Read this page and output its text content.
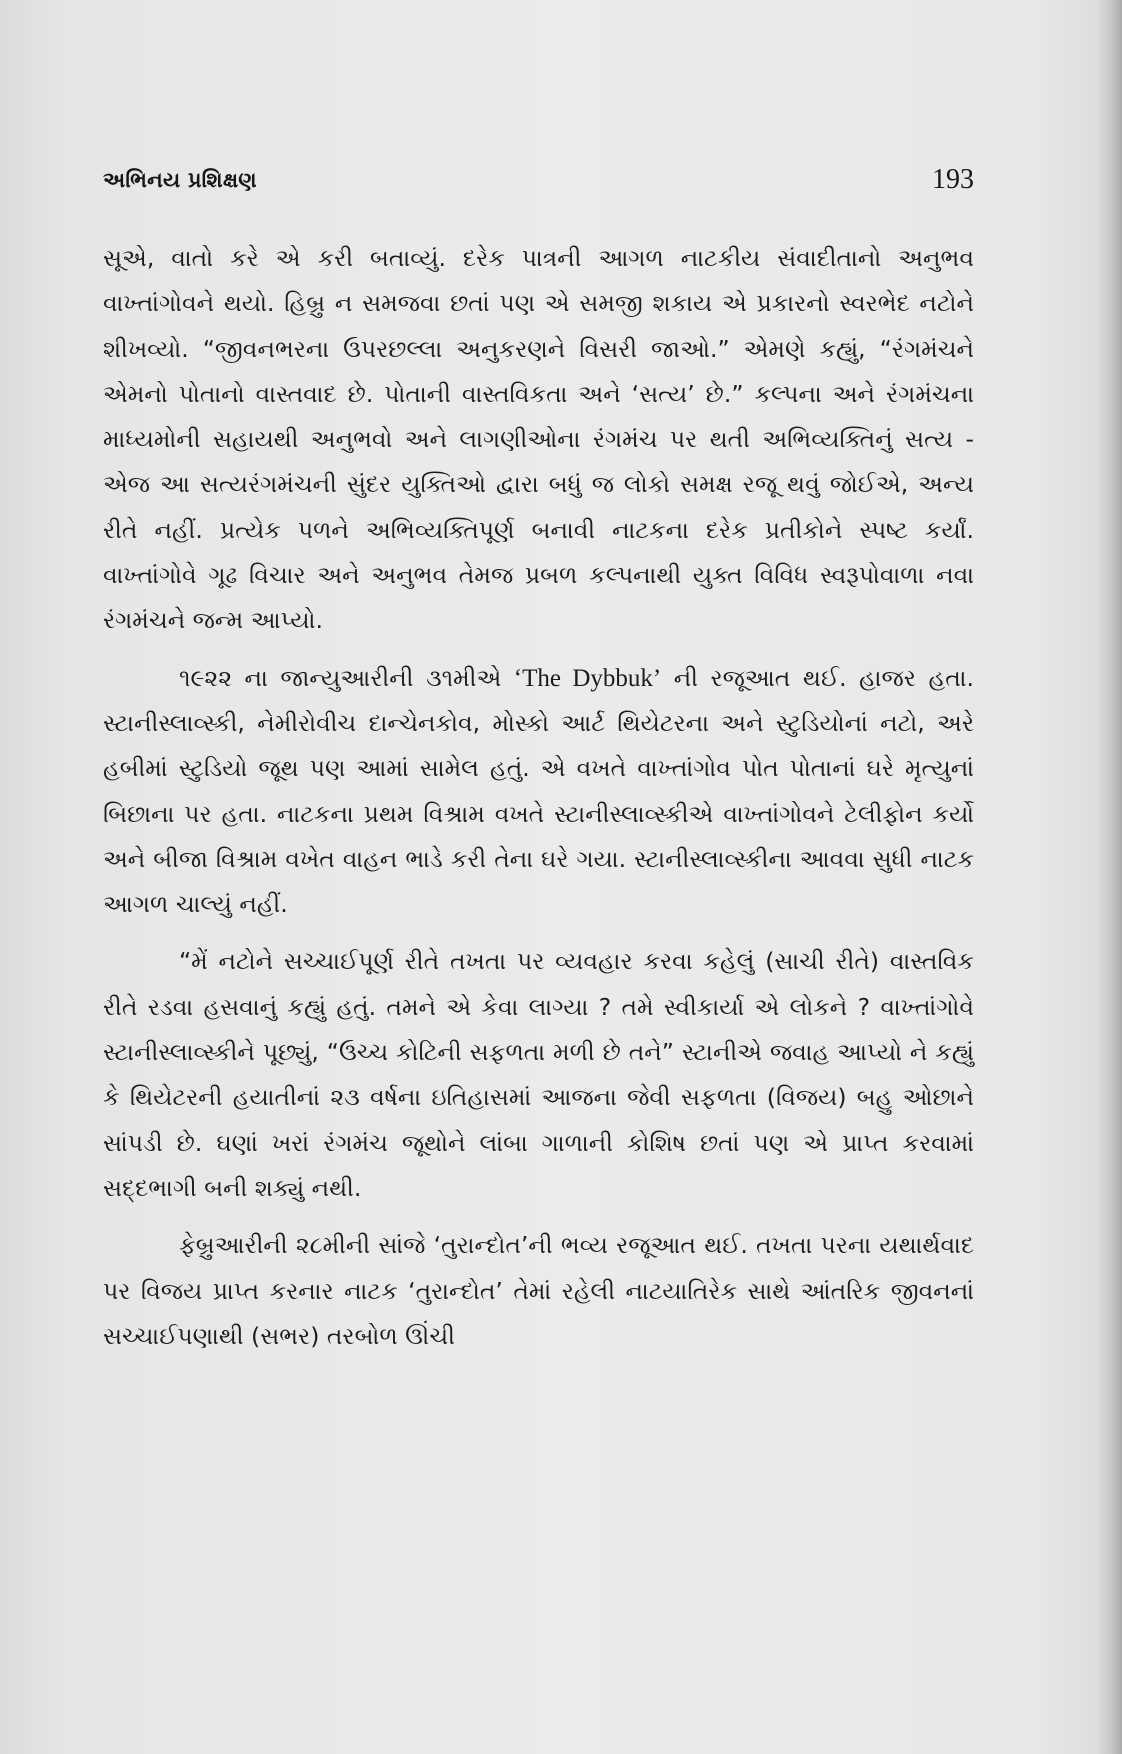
અભિનય પ્રશિક્ષણ	193

સૂએ, વાતો કરે એ કરી બતાવ્યું. દરેક પાત્રની આગળ નાટકીય સંવાદીતાનો અનુભવ વાખ્તાંગોવને થયો. હિબ્રુ ન સમજવા છતાં પણ એ સમજી શકાય એ પ્રકારનો સ્વરભેદ નટોને શીખવ્યો. “જીવનભરના ઉપરછલ્લા અનુકરણને વિસરી જાઓ.” એમણે કહ્યું, “રંગમંચને એમનો પોતાનો વાસ્તવાદ છે. પોતાની વાસ્તવિકતા અને ‘સત્ય’ છે.” કલ્પના અને રંગમંચના માધ્યમોની સહાયથી અનુભવો અને લાગણીઓના રંગમંચ પર થતી અભિવ્યક્તિનું સત્ય - એજ આ સત્યરંગમંચની સુંદર યુક્તિઓ દ્વારા બધું જ લોકો સમક્ષ રજૂ થવું જોઈએ, અન્ય રીતે નહીં. પ્રત્યેક પળને અભિવ્યક્તિપૂર્ણ બનાવી નાટકના દરેક પ્રતીકોને સ્પષ્ટ કર્યાં. વાખ્તાંગોવે ગૂઢ વિચાર અને અનુભવ તેમજ પ્રબળ કલ્પનાથી યુક્ત વિવિધ સ્વરૂપોવાળા નવા રંગમંચને જન્મ આપ્યો.

૧૯૨૨ ના જાન્યુઆરીની ૩૧મીએ ‘The Dybbuk’ ની રજૂઆત થઈ. હાજર હતા. સ્ટાનીસ્લાવ્સ્કી, નેમીરોવીચ દાન્ચેનકોવ, મોસ્કો આર્ટ થિયેટરના અને સ્ટુડિયોનાં નટો, અરે હબીમાં સ્ટુડિયો જૂથ પણ આમાં સામેલ હતું. એ વખતે વાખ્તાંગોવ પોત પોતાનાં ઘરે મૃત્યુનાં બિછાના પર હતા. નાટકના પ્રથમ વિશ્રામ વખતે સ્ટાનીસ્લાવ્સ્કીએ વાખ્તાંગોવને ટેલીફોન કર્યો અને બીજા વિશ્રામ વખેત વાહન ભાડે કરી તેના ઘરે ગયા. સ્ટાનીસ્લાવ્સ્કીના આવવા સુધી નાટક આગળ ચાલ્યું નહીં.

“મેં નટોને સચ્ચાઈપૂર્ણ રીતે તખતા પર વ્યવહાર કરવા કહેલું (સાચી રીતે) વાસ્તવિક રીતે રડવા હસવાનું કહ્યું હતું. તમને એ કેવા લાગ્યા ? તમે સ્વીકાર્યા એ લોકને ? વાખ્તાંગોવે સ્ટાનીસ્લાવ્સ્કીને પૂછ્યું, “ઉચ્ચ કોટિની સફળતા મળી છે તને” સ્ટાનીએ જવાહ આપ્યો ને કહ્યું કે થિયેટરની હયાતીનાં ૨૩ વર્ષના ઇતિહાસમાં આજના જેવી સફળતા (વિજય) બહુ ઓછાને સાંપડી છે. ઘણાં ખરાં રંગમંચ જૂથોને લાંબા ગાળાની કોશિષ છતાં પણ એ પ્રાપ્ત કરવામાં સદ્દભાગી બની શક્યું નથી.

ફેબ્રુઆરીની ૨૮મીની સાંજે ‘તુરાન્દોત’ની ભવ્ય રજૂઆત થઈ. તખતા પરના યથાર્થવાદ પર વિજય પ્રાપ્ત કરનાર નાટક ‘તુરાન્દોત’ તેમાં રહેલી નાટયાતિરેક સાથે આંતરિક જીવનનાં સચ્ચાઈપણાથી (સભર) તરબોળ ઊંચી
